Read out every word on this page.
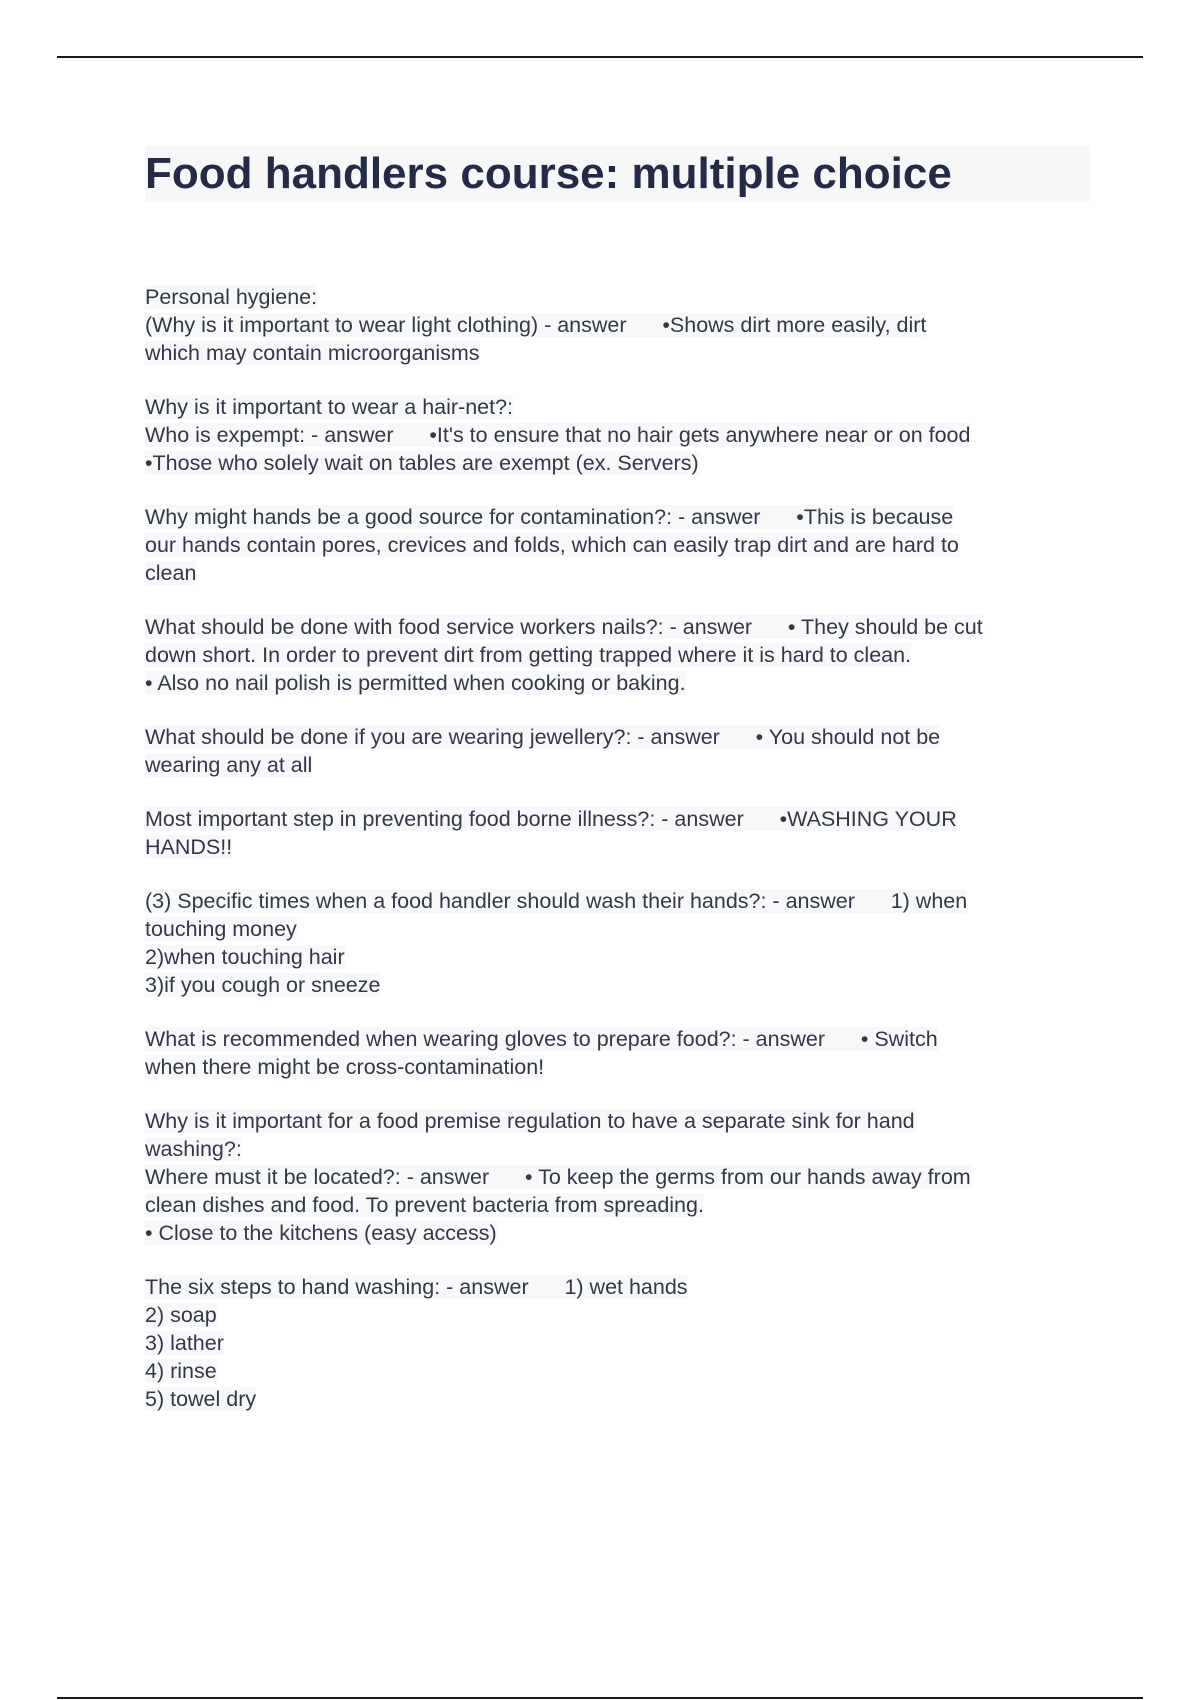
Food handlers course: multiple choice
Personal hygiene:
(Why is it important to wear light clothing) - answer      •Shows dirt more easily, dirt
which may contain microorganisms
Why is it important to wear a hair-net?:
Who is expempt: - answer      •It's to ensure that no hair gets anywhere near or on food
•Those who solely wait on tables are exempt (ex. Servers)
Why might hands be a good source for contamination?: - answer      •This is because
our hands contain pores, crevices and folds, which can easily trap dirt and are hard to
clean
What should be done with food service workers nails?: - answer      • They should be cut
down short. In order to prevent dirt from getting trapped where it is hard to clean.
• Also no nail polish is permitted when cooking or baking.
What should be done if you are wearing jewellery?: - answer      • You should not be
wearing any at all
Most important step in preventing food borne illness?: - answer      •WASHING YOUR
HANDS!!
(3) Specific times when a food handler should wash their hands?: - answer      1) when
touching money
2)when touching hair
3)if you cough or sneeze
What is recommended when wearing gloves to prepare food?: - answer      • Switch
when there might be cross-contamination!
Why is it important for a food premise regulation to have a separate sink for hand
washing?:
Where must it be located?: - answer      • To keep the germs from our hands away from
clean dishes and food. To prevent bacteria from spreading.
• Close to the kitchens (easy access)
The six steps to hand washing: - answer      1) wet hands
2) soap
3) lather
4) rinse
5) towel dry
